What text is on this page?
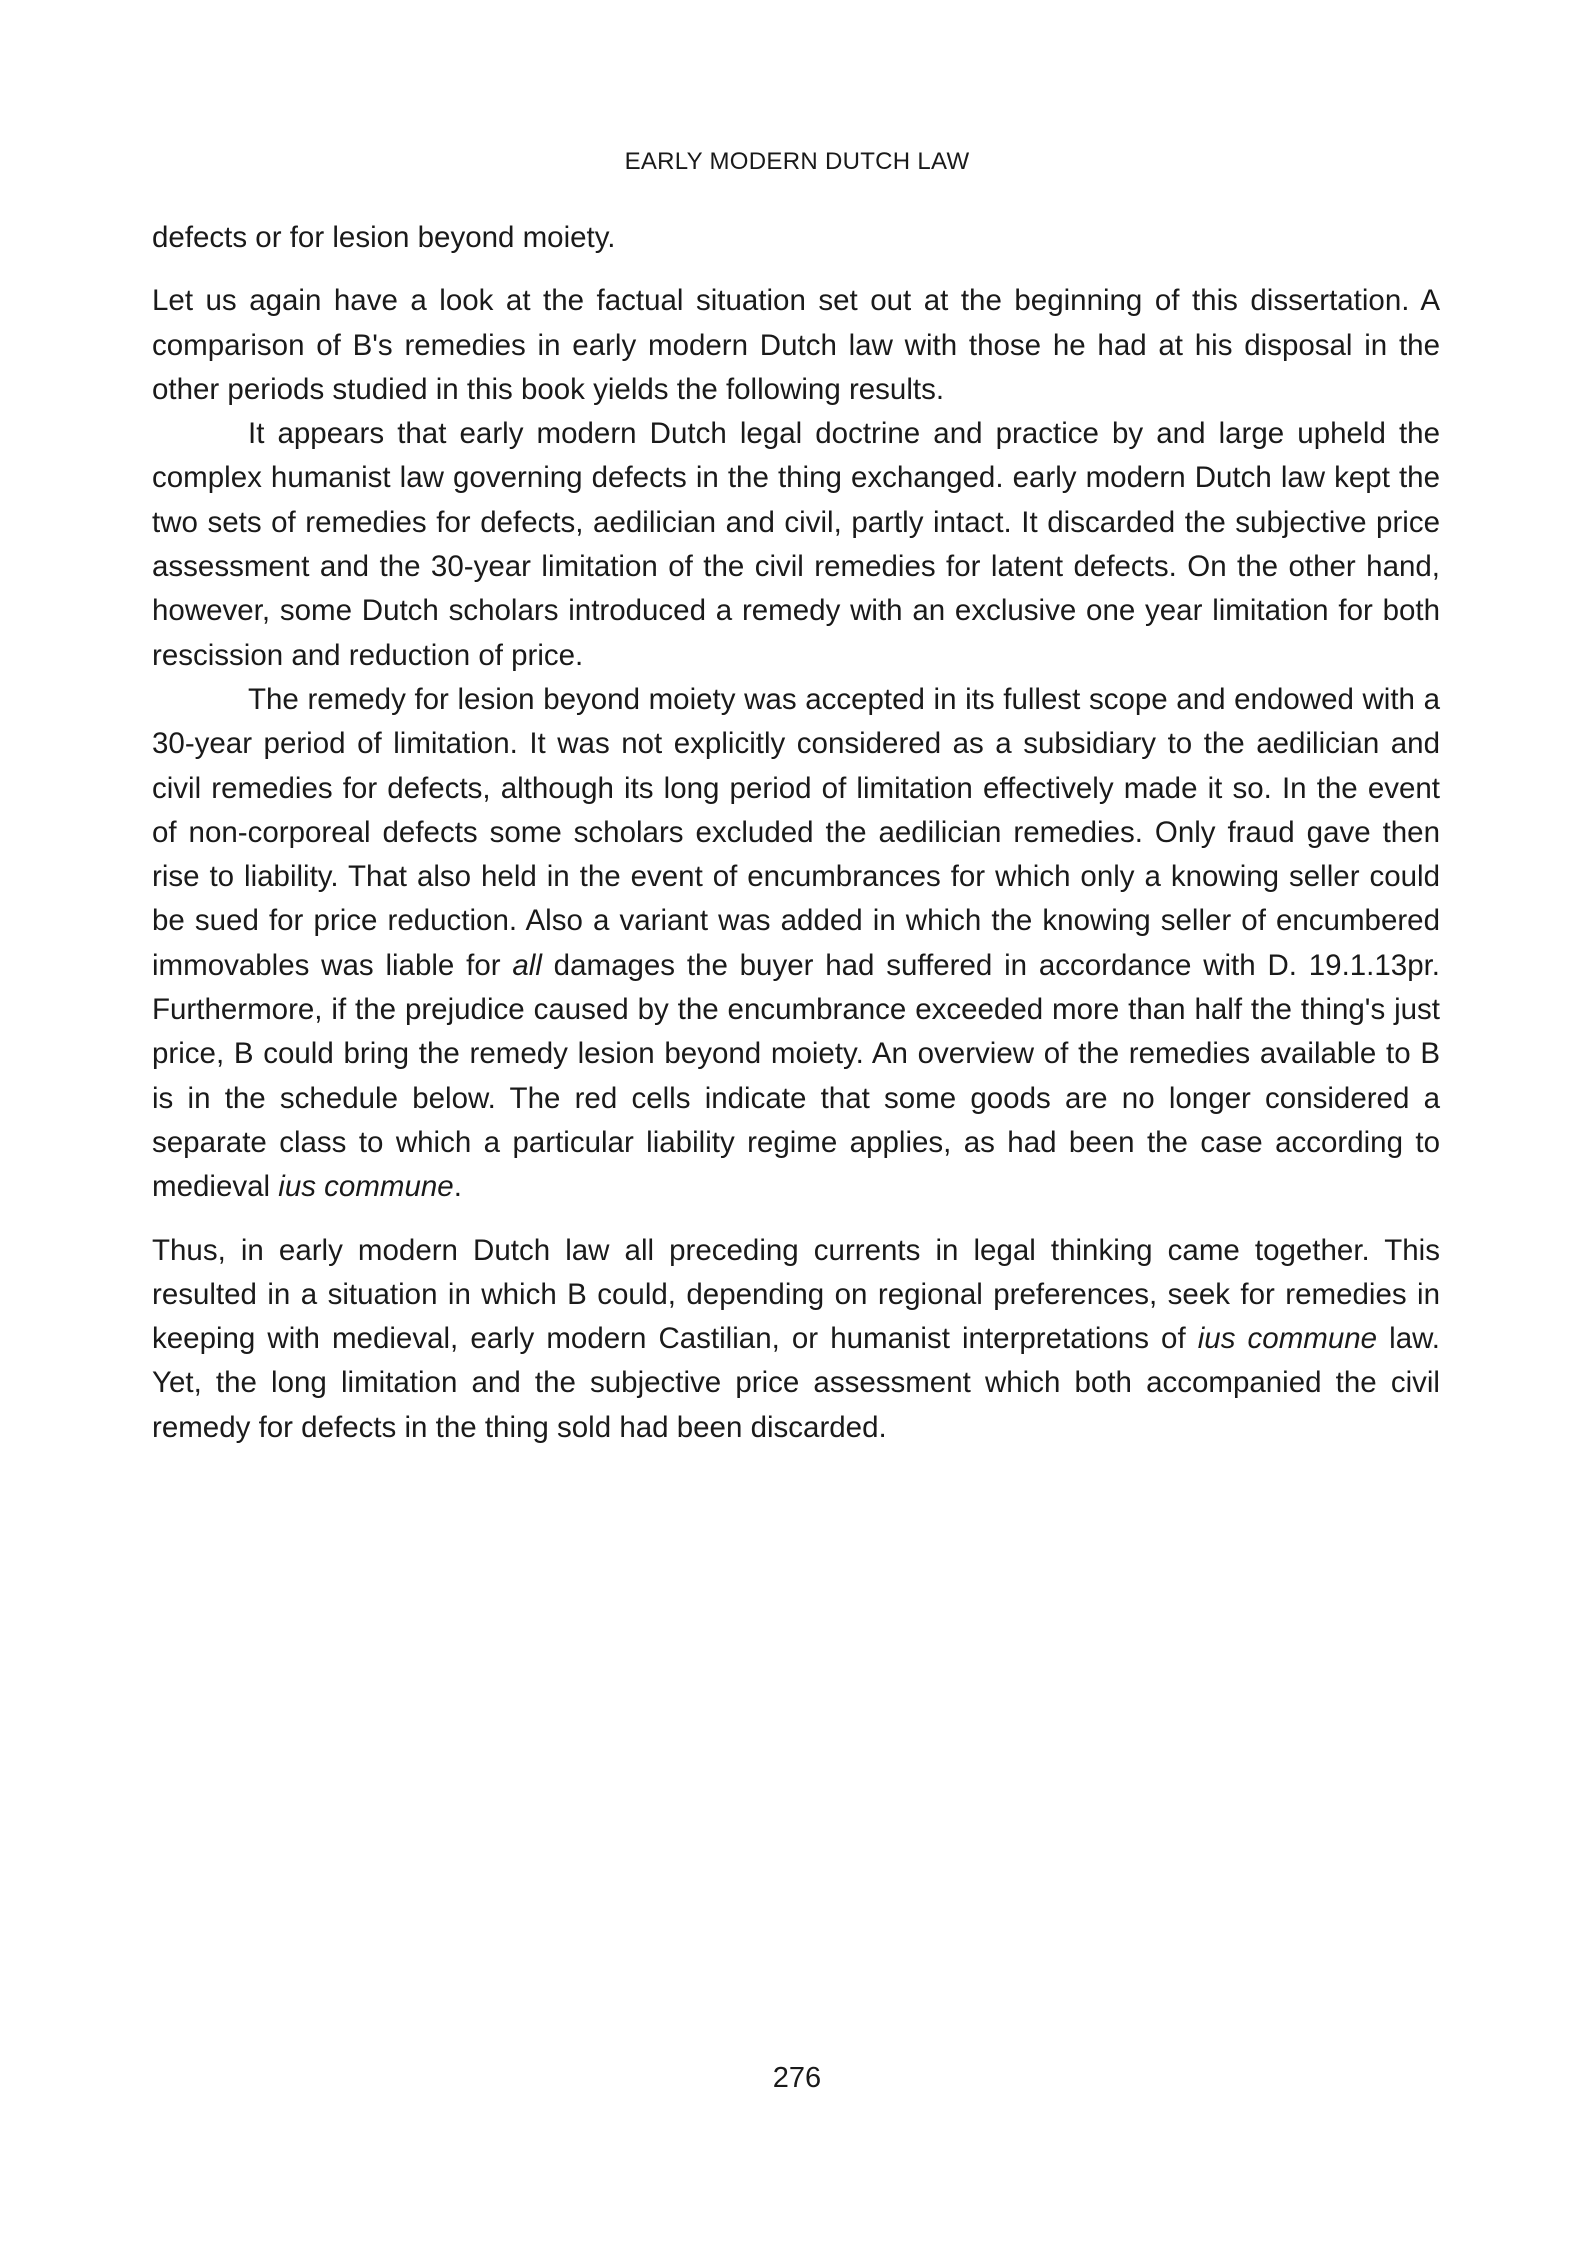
EARLY MODERN DUTCH LAW

defects or for lesion beyond moiety.

Let us again have a look at the factual situation set out at the beginning of this dissertation. A comparison of B's remedies in early modern Dutch law with those he had at his disposal in the other periods studied in this book yields the following results.

It appears that early modern Dutch legal doctrine and practice by and large upheld the complex humanist law governing defects in the thing exchanged. early modern Dutch law kept the two sets of remedies for defects, aedilician and civil, partly intact. It discarded the subjective price assessment and the 30-year limitation of the civil remedies for latent defects. On the other hand, however, some Dutch scholars introduced a remedy with an exclusive one year limitation for both rescission and reduction of price.

The remedy for lesion beyond moiety was accepted in its fullest scope and endowed with a 30-year period of limitation. It was not explicitly considered as a subsidiary to the aedilician and civil remedies for defects, although its long period of limitation effectively made it so. In the event of non-corporeal defects some scholars excluded the aedilician remedies. Only fraud gave then rise to liability. That also held in the event of encumbrances for which only a knowing seller could be sued for price reduction. Also a variant was added in which the knowing seller of encumbered immovables was liable for all damages the buyer had suffered in accordance with D. 19.1.13pr. Furthermore, if the prejudice caused by the encumbrance exceeded more than half the thing's just price, B could bring the remedy lesion beyond moiety. An overview of the remedies available to B is in the schedule below. The red cells indicate that some goods are no longer considered a separate class to which a particular liability regime applies, as had been the case according to medieval ius commune.

Thus, in early modern Dutch law all preceding currents in legal thinking came together. This resulted in a situation in which B could, depending on regional preferences, seek for remedies in keeping with medieval, early modern Castilian, or humanist interpretations of ius commune law. Yet, the long limitation and the subjective price assessment which both accompanied the civil remedy for defects in the thing sold had been discarded.

276
